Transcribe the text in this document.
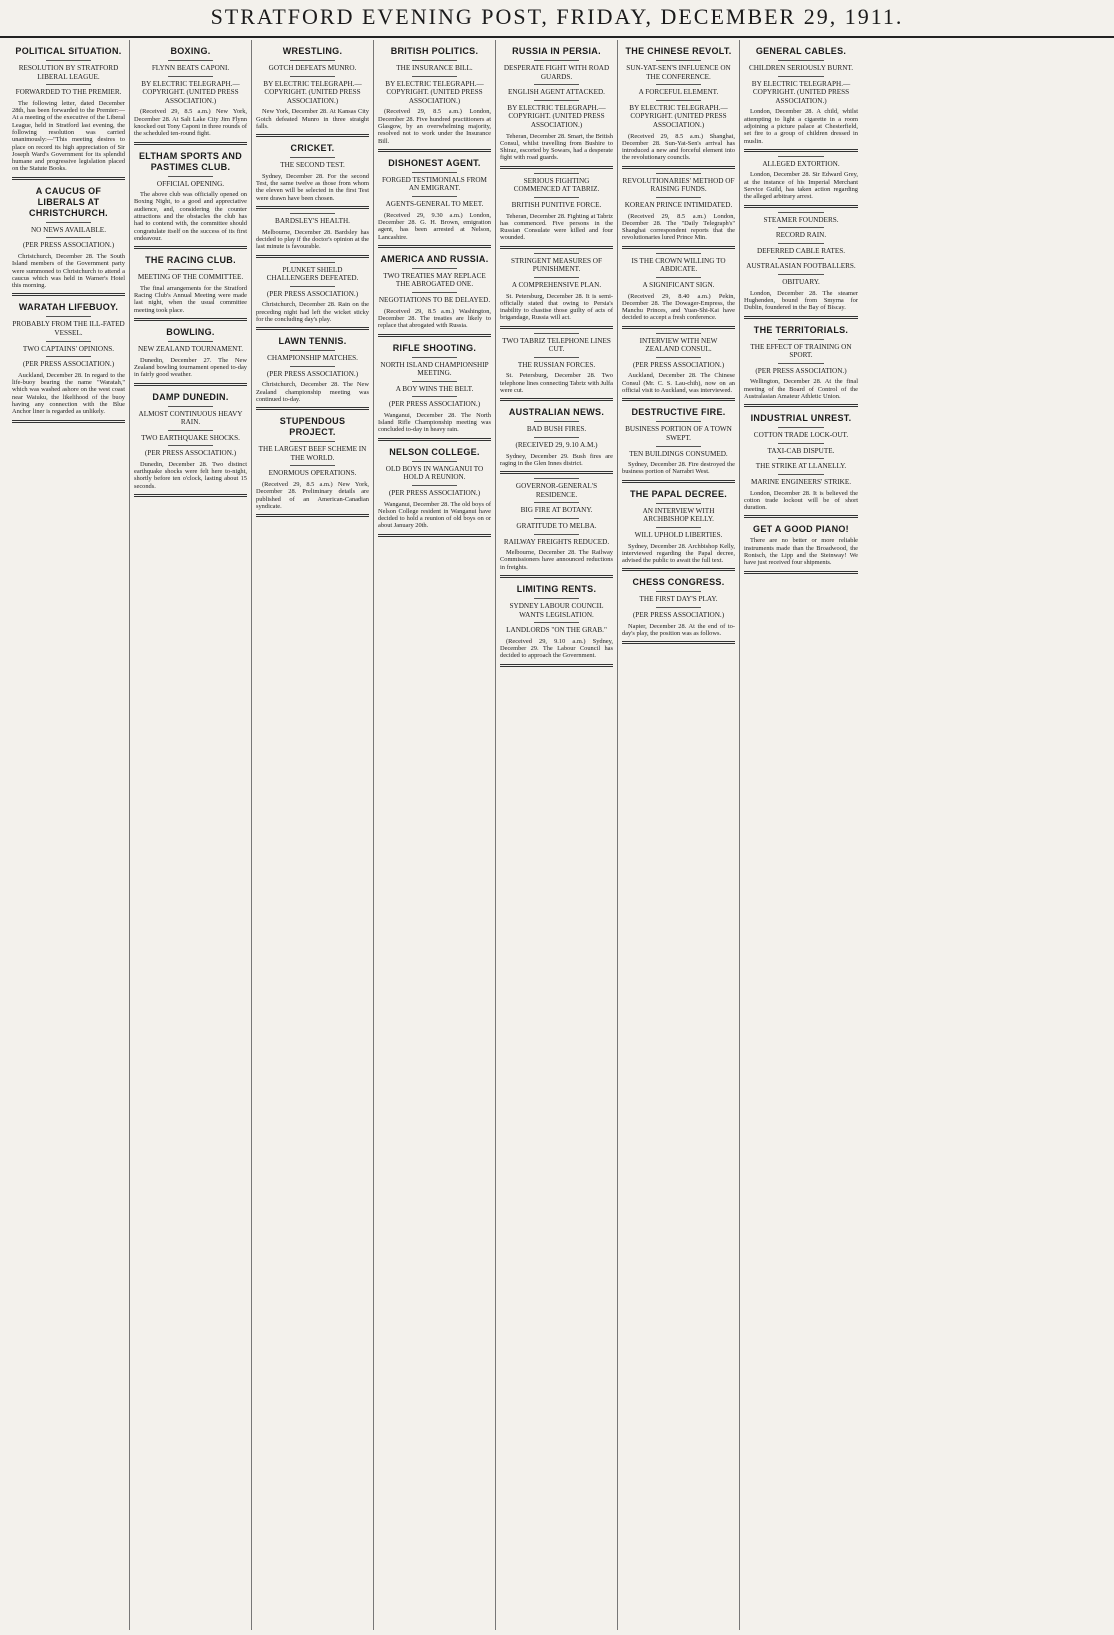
STRATFORD EVENING POST, FRIDAY, DECEMBER 29, 1911.
POLITICAL SITUATION.
RESOLUTION BY STRATFORD LIBERAL LEAGUE.
FORWARDED TO THE PREMIER.

The following letter, dated December 28th, has been forwarded to the Premier:—At a meeting of the executive of the Liberal League, held in Stratford last evening, the following resolution was carried unanimously:—"This meeting desires to place on record its high appreciation of Sir Joseph Ward's Government for its splendid humane and progressive legislation placed on the Statute Books.

A CAUCUS OF LIBERALS AT CHRISTCHURCH.
NO NEWS AVAILABLE.
(PER PRESS ASSOCIATION.)

Christchurch, December 28. The South Island members of the Government party were summoned to Christchurch to attend a caucus which was held in Warner's Hotel this morning.

WARATAH LIFEBUOY.
PROBABLY FROM THE ILL-FATED VESSEL.
TWO CAPTAINS' OPINIONS.
(PER PRESS ASSOCIATION.)

Auckland, December 28. In regard to the life-buoy bearing the name "Waratah," which was washed ashore on the west coast near Waiuku, the likelihood of the buoy having any connection with the Blue Anchor liner is regarded as unlikely.

BOXING.
FLYNN BEATS CAPONI.
BY ELECTRIC TELEGRAPH.—COPYRIGHT. (UNITED PRESS ASSOCIATION.)

(Received 29, 8.5 a.m.) New York, December 28. At Salt Lake City Jim Flynn knocked out Tony Caponi in three rounds of the scheduled ten-round fight.

ELTHAM SPORTS AND PASTIMES CLUB.
OFFICIAL OPENING.

The above club was officially opened on Boxing Night, to a good and appreciative audience, and, considering the counter attractions and the obstacles the club has had to contend with, the committee should congratulate itself on the success of its first endeavour.

THE RACING CLUB.
MEETING OF THE COMMITTEE.

The final arrangements for the Stratford Racing Club's Annual Meeting were made last night, when the usual committee meeting took place.

BOWLING.
NEW ZEALAND TOURNAMENT.

Dunedin, December 27. The New Zealand bowling tournament opened to-day in fairly good weather.

DAMP DUNEDIN.
ALMOST CONTINUOUS HEAVY RAIN.
TWO EARTHQUAKE SHOCKS.
(PER PRESS ASSOCIATION.)

Dunedin, December 28. Two distinct earthquake shocks were felt here to-night, shortly before ten o'clock, lasting about 15 seconds.

WRESTLING.
GOTCH DEFEATS MUNRO.
BY ELECTRIC TELEGRAPH.—COPYRIGHT. (UNITED PRESS ASSOCIATION.)

New York, December 28. At Kansas City Gotch defeated Munro in three straight falls.

CRICKET.
THE SECOND TEST.

Sydney, December 28. For the second Test, the same twelve as those from whom the eleven will be selected in the first Test were drawn have been chosen.

BARDSLEY'S HEALTH.

Melbourne, December 28. Bardsley has decided to play if the doctor's opinion at the last minute is favourable.

PLUNKET SHIELD CHALLENGERS DEFEATED.
(PER PRESS ASSOCIATION.)

Christchurch, December 28. Rain on the preceding night had left the wicket sticky for the concluding day's play.

LAWN TENNIS.
CHAMPIONSHIP MATCHES.
(PER PRESS ASSOCIATION.)

Christchurch, December 28. The New Zealand championship meeting was continued to-day.

STUPENDOUS PROJECT.
THE LARGEST BEEF SCHEME IN THE WORLD.
ENORMOUS OPERATIONS.

(Received 29, 8.5 a.m.) New York, December 28. Preliminary details are published of an American-Canadian syndicate.

BRITISH POLITICS.
THE INSURANCE BILL.
BY ELECTRIC TELEGRAPH.—COPYRIGHT. (UNITED PRESS ASSOCIATION.)

(Received 29, 8.5 a.m.) London, December 28. Five hundred practitioners at Glasgow, by an overwhelming majority, resolved not to work under the Insurance Bill.

DISHONEST AGENT.
FORGED TESTIMONIALS FROM AN EMIGRANT.
AGENTS-GENERAL TO MEET.

(Received 29, 9.30 a.m.) London, December 28. G. H. Brown, emigration agent, has been arrested at Nelson, Lancashire.

AMERICA AND RUSSIA.
TWO TREATIES MAY REPLACE THE ABROGATED ONE.
NEGOTIATIONS TO BE DELAYED.

(Received 29, 8.5 a.m.) Washington, December 28. The treaties are likely to replace that abrogated with Russia.

RIFLE SHOOTING.
NORTH ISLAND CHAMPIONSHIP MEETING.
A BOY WINS THE BELT.
(PER PRESS ASSOCIATION.)

Wanganui, December 28. The North Island Rifle Championship meeting was concluded to-day in heavy rain.

NELSON COLLEGE.
OLD BOYS IN WANGANUI TO HOLD A REUNION.
(PER PRESS ASSOCIATION.)

Wanganui, December 28. The old boys of Nelson College resident in Wanganui have decided to hold a reunion of old boys on or about January 20th.

RUSSIA IN PERSIA.
DESPERATE FIGHT WITH ROAD GUARDS.
ENGLISH AGENT ATTACKED.
BY ELECTRIC TELEGRAPH.—COPYRIGHT. (UNITED PRESS ASSOCIATION.)

Teheran, December 28. Smart, the British Consul, whilst travelling from Bushire to Shiraz, escorted by Sowars, had a desperate fight with road guards.

SERIOUS FIGHTING COMMENCED AT TABRIZ.
BRITISH PUNITIVE FORCE.

Teheran, December 28. Fighting at Tabriz has commenced. Five persons in the Russian Consulate were killed and four wounded.

STRINGENT MEASURES OF PUNISHMENT.
A COMPREHENSIVE PLAN.

St. Petersburg, December 28. It is semi-officially stated that owing to Persia's inability to chastise those guilty of acts of brigandage, Russia will act.

TWO TABRIZ TELEPHONE LINES CUT.
THE RUSSIAN FORCES.

St. Petersburg, December 28. Two telephone lines connecting Tabriz with Julfa were cut.

AUSTRALIAN NEWS.
BAD BUSH FIRES.
(RECEIVED 29, 9.10 A.M.)

Sydney, December 29. Bush fires are raging in the Glen Innes district.

GOVERNOR-GENERAL'S RESIDENCE.
BIG FIRE AT BOTANY.
GRATITUDE TO MELBA.
RAILWAY FREIGHTS REDUCED.

Melbourne, December 28. The Railway Commissioners have announced reductions in freights.

LIMITING RENTS.
SYDNEY LABOUR COUNCIL WANTS LEGISLATION.
LANDLORDS "ON THE GRAB."

(Received 29, 9.10 a.m.) Sydney, December 29. The Labour Council has decided to approach the Government.

THE CHINESE REVOLT.
SUN-YAT-SEN'S INFLUENCE ON THE CONFERENCE.
A FORCEFUL ELEMENT.
BY ELECTRIC TELEGRAPH.—COPYRIGHT. (UNITED PRESS ASSOCIATION.)

(Received 29, 8.5 a.m.) Shanghai, December 28. Sun-Yat-Sen's arrival has introduced a new and forceful element into the revolutionary councils.

REVOLUTIONARIES' METHOD OF RAISING FUNDS.
KOREAN PRINCE INTIMIDATED.

(Received 29, 8.5 a.m.) London, December 28. The "Daily Telegraph's" Shanghai correspondent reports that the revolutionaries lured Prince Min.

IS THE CROWN WILLING TO ABDICATE.
A SIGNIFICANT SIGN.

(Received 29, 8.40 a.m.) Pekin, December 28. The Dowager-Empress, the Manchu Princes, and Yuan-Shi-Kai have decided to accept a fresh conference.

INTERVIEW WITH NEW ZEALAND CONSUL.
(PER PRESS ASSOCIATION.)

Auckland, December 28. The Chinese Consul (Mr. C. S. Lau-chih), now on an official visit to Auckland, was interviewed.

DESTRUCTIVE FIRE.
BUSINESS PORTION OF A TOWN SWEPT.
TEN BUILDINGS CONSUMED.

Sydney, December 28. Fire destroyed the business portion of Narrabri West.

THE PAPAL DECREE.
AN INTERVIEW WITH ARCHBISHOP KELLY.
WILL UPHOLD LIBERTIES.

Sydney, December 28. Archbishop Kelly, interviewed regarding the Papal decree, advised the public to await the full text.

CHESS CONGRESS.
THE FIRST DAY'S PLAY.
(PER PRESS ASSOCIATION.)

Napier, December 28. At the end of to-day's play, the position was as follows.

GENERAL CABLES.
CHILDREN SERIOUSLY BURNT.
BY ELECTRIC TELEGRAPH.—COPYRIGHT. (UNITED PRESS ASSOCIATION.)

London, December 28. A child, whilst attempting to light a cigarette in a room adjoining a picture palace at Chesterfield, set fire to a group of children dressed in muslin.

ALLEGED EXTORTION.

London, December 28. Sir Edward Grey, at the instance of his Imperial Merchant Service Guild, has taken action regarding the alleged arbitrary arrest.

STEAMER FOUNDERS.
RECORD RAIN.
DEFERRED CABLE RATES.
AUSTRALASIAN FOOTBALLERS.
OBITUARY.

London, December 28. The steamer Hughenden, bound from Smyrna for Dublin, foundered in the Bay of Biscay.

THE TERRITORIALS.
THE EFFECT OF TRAINING ON SPORT.
(PER PRESS ASSOCIATION.)

Wellington, December 28. At the final meeting of the Board of Control of the Australasian Amateur Athletic Union.

INDUSTRIAL UNREST.
COTTON TRADE LOCK-OUT.
TAXI-CAB DISPUTE.
THE STRIKE AT LLANELLY.
MARINE ENGINEERS' STRIKE.

London, December 28. It is believed the cotton trade lockout will be of short duration.

GET A GOOD PIANO!

There are no better or more reliable instruments made than the Broadwood, the Ronisch, the Lipp and the Steinway! We have just received four shipments.
